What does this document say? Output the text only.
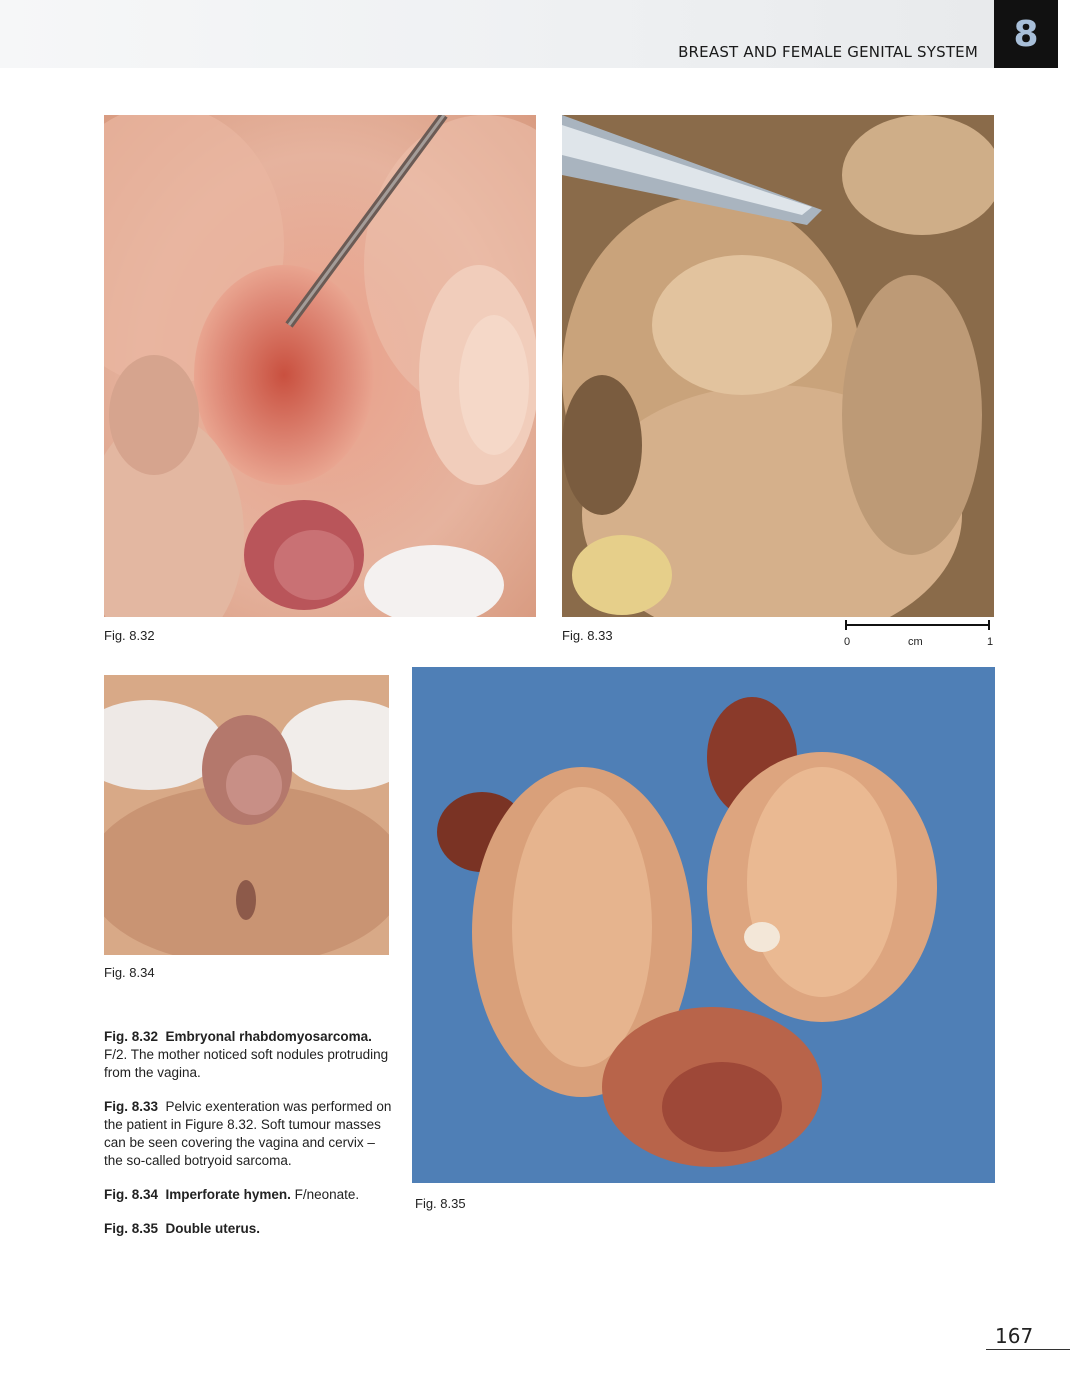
BREAST AND FEMALE GENITAL SYSTEM 8
Fig. 8.32	Fig. 8.33	0	cm	1
Fig. 8.34
Fig. 8.35

Fig. 8.32 Embryonal rhabdomyosarcoma. F/2. The mother noticed soft nodules protruding from the vagina.

Fig. 8.33 Pelvic exenteration was performed on the patient in Figure 8.32. Soft tumour masses can be seen covering the vagina and cervix – the so-called botryoid sarcoma.

Fig. 8.34 Imperforate hymen. F/neonate.

Fig. 8.35 Double uterus.

167
